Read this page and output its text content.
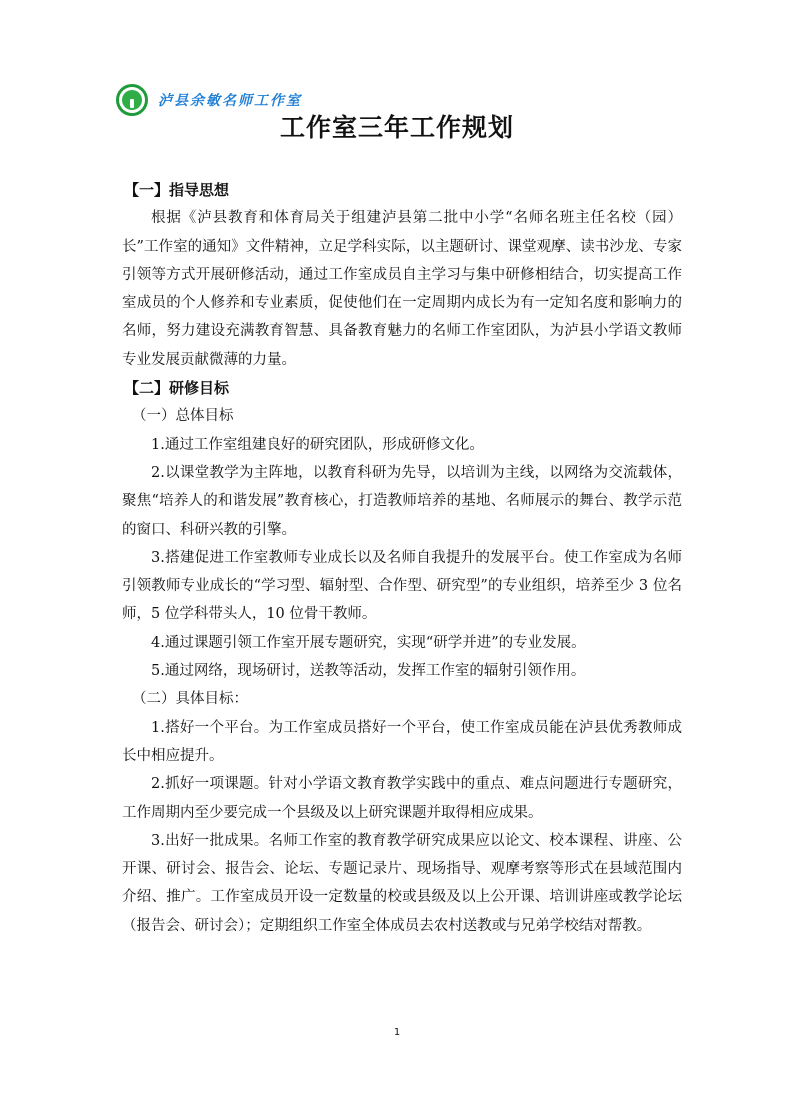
泸县余敏名师工作室
工作室三年工作规划
【一】指导思想

根据《泸县教育和体育局关于组建泸县第二批中小学“名师名班主任名校（园）长”工作室的通知》文件精神，立足学科实际，以主题研讨、课堂观摩、读书沙龙、专家引领等方式开展研修活动，通过工作室成员自主学习与集中研修相结合，切实提高工作室成员的个人修养和专业素质，促使他们在一定周期内成长为有一定知名度和影响力的名师，努力建设充满教育智慧、具备教育魅力的名师工作室团队，为泸县小学语文教师专业发展贡献微薄的力量。

【二】研修目标
（一）总体目标

1.通过工作室组建良好的研究团队，形成研修文化。

2.以课堂教学为主阵地，以教育科研为先导，以培训为主线，以网络为交流载体，聚焦“培养人的和谐发展”教育核心，打造教师培养的基地、名师展示的舞台、教学示范的窗口、科研兴教的引擎。

3.搭建促进工作室教师专业成长以及名师自我提升的发展平台。使工作室成为名师引领教师专业成长的“学习型、辐射型、合作型、研究型”的专业组织，培养至少 3 位名师，5 位学科带头人，10 位骨干教师。

4.通过课题引领工作室开展专题研究，实现“研学并进”的专业发展。

5.通过网络，现场研讨，送教等活动，发挥工作室的辐射引领作用。

（二）具体目标：

1.搭好一个平台。为工作室成员搭好一个平台，使工作室成员能在泸县优秀教师成长中相应提升。

2.抓好一项课题。针对小学语文教育教学实践中的重点、难点问题进行专题研究，工作周期内至少要完成一个县级及以上研究课题并取得相应成果。

3.出好一批成果。名师工作室的教育教学研究成果应以论文、校本课程、讲座、公开课、研讨会、报告会、论坛、专题记录片、现场指导、观摩考察等形式在县域范围内介绍、推广。工作室成员开设一定数量的校或县级及以上公开课、培训讲座或教学论坛（报告会、研讨会）；定期组织工作室全体成员去农村送教或与兄弟学校结对帮教。

1
